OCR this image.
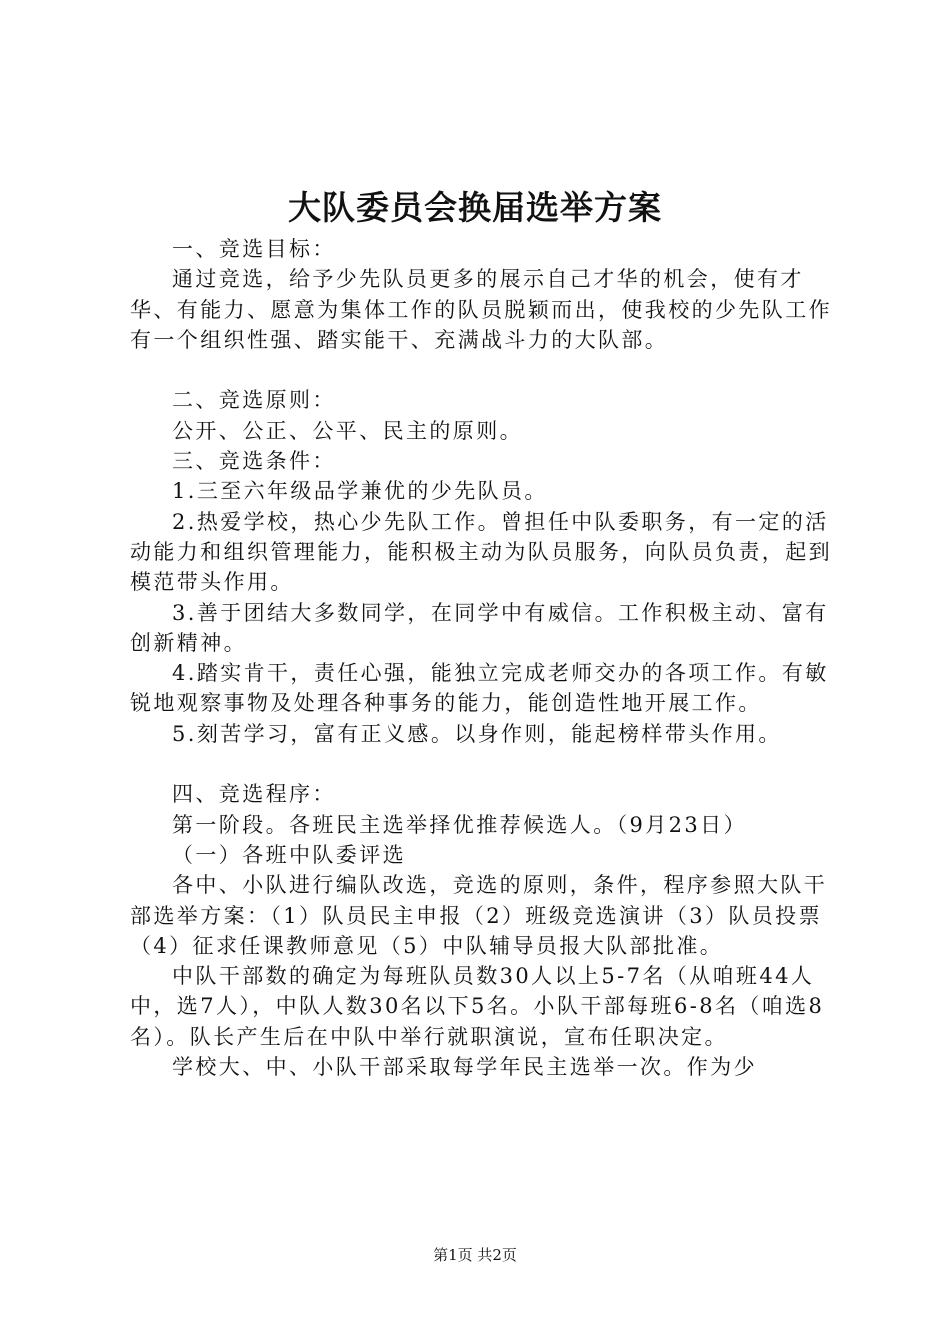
大队委员会换届选举方案

一、竞选目标：

通过竞选，给予少先队员更多的展示自己才华的机会，使有才华、有能力、愿意为集体工作的队员脱颖而出，使我校的少先队工作有一个组织性强、踏实能干、充满战斗力的大队部。

二、竞选原则：

公开、公正、公平、民主的原则。

三、竞选条件：

1.三至六年级品学兼优的少先队员。

2.热爱学校，热心少先队工作。曾担任中队委职务，有一定的活动能力和组织管理能力，能积极主动为队员服务，向队员负责，起到模范带头作用。

3.善于团结大多数同学，在同学中有威信。工作积极主动、富有创新精神。

4.踏实肯干，责任心强，能独立完成老师交办的各项工作。有敏锐地观察事物及处理各种事务的能力，能创造性地开展工作。

5.刻苦学习，富有正义感。以身作则，能起榜样带头作用。

四、竞选程序：

第一阶段。各班民主选举择优推荐候选人。（9月23日）

（一）各班中队委评选

各中、小队进行编队改选，竞选的原则，条件，程序参照大队干部选举方案：（1）队员民主申报（2）班级竞选演讲（3）队员投票（4）征求任课教师意见（5）中队辅导员报大队部批准。

中队干部数的确定为每班队员数30人以上5-7名（从咱班44人中，选7人），中队人数30名以下5名。小队干部每班6-8名（咱选8名）。队长产生后在中队中举行就职演说，宣布任职决定。

学校大、中、小队干部采取每学年民主选举一次。作为少

第1页 共2页
